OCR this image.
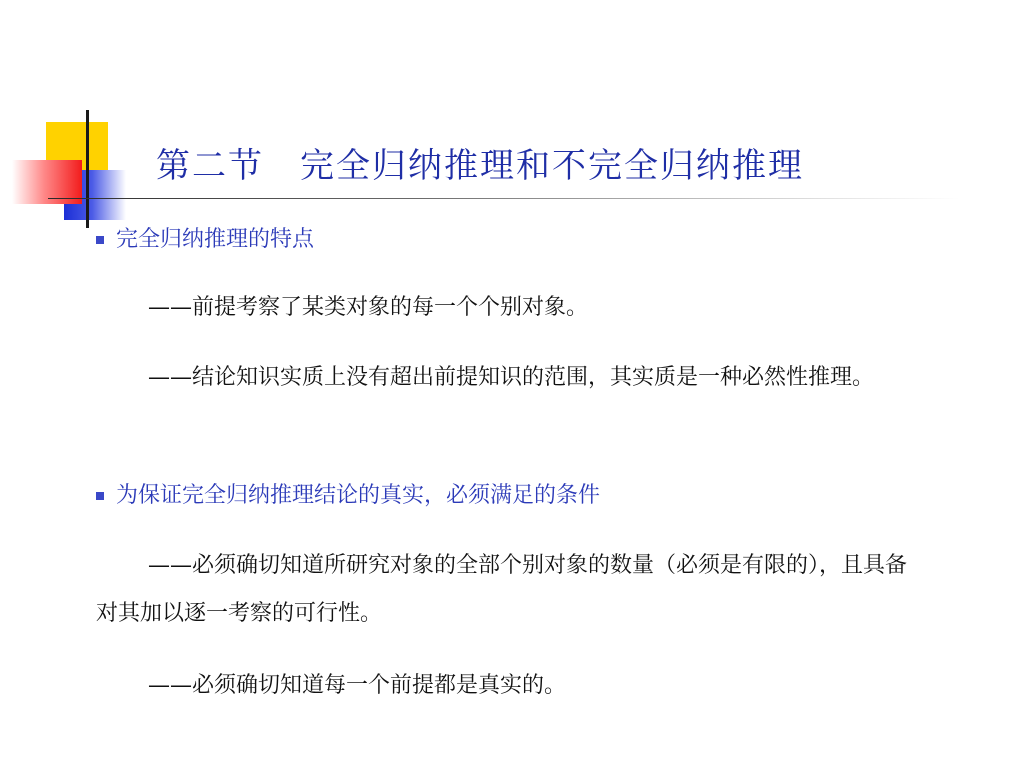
第二节　完全归纳推理和不完全归纳推理
完全归纳推理的特点

——前提考察了某类对象的每一个个别对象。

——结论知识实质上没有超出前提知识的范围，其实质是一种必然性推理。

为保证完全归纳推理结论的真实，必须满足的条件

——必须确切知道所研究对象的全部个别对象的数量（必须是有限的），且具备对其加以逐一考察的可行性。

——必须确切知道每一个前提都是真实的。
